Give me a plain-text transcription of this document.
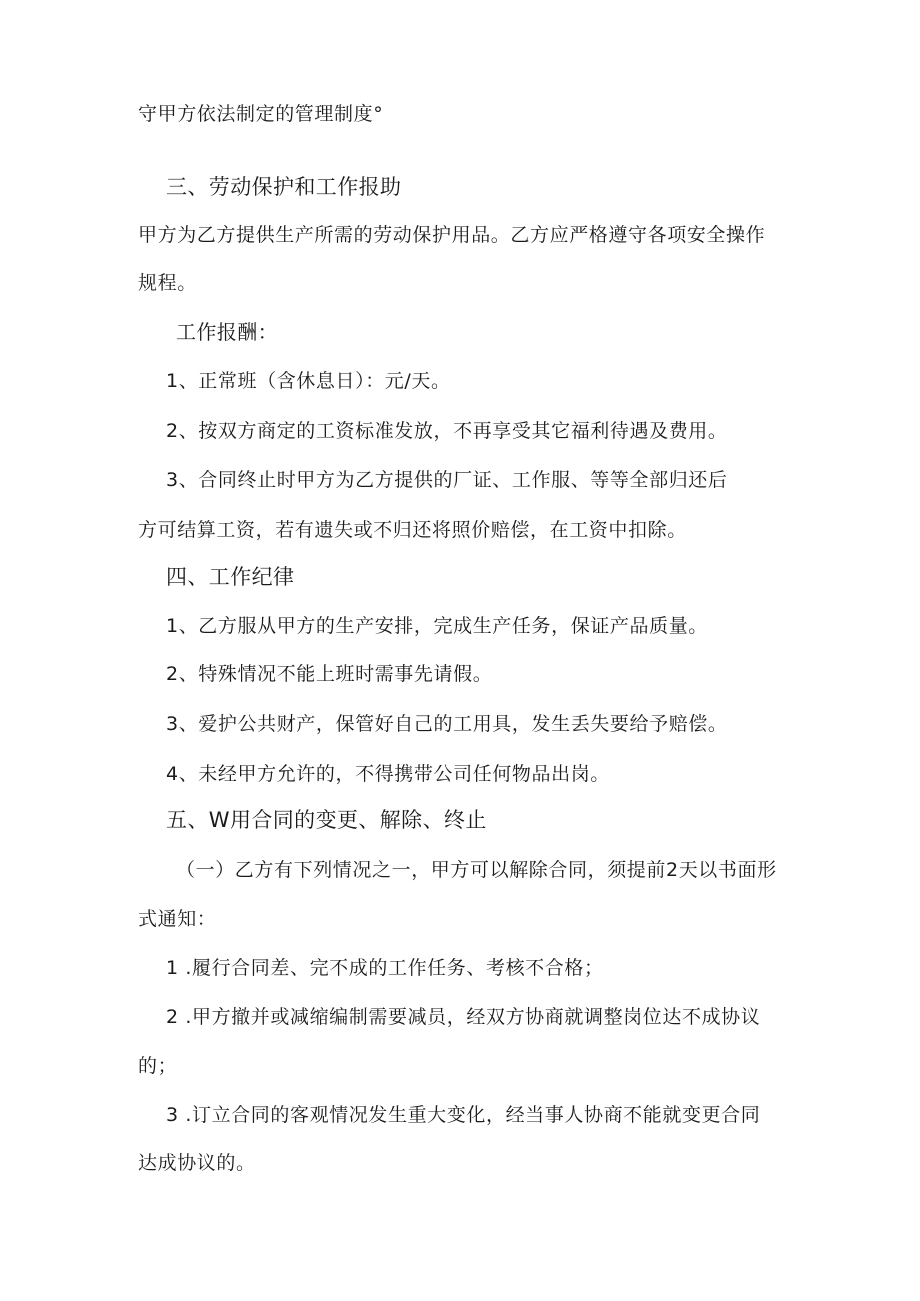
守甲方依法制定的管理制度°
三、劳动保护和工作报助
甲方为乙方提供生产所需的劳动保护用品。乙方应严格遵守各项安全操作
规程。
工作报酬：
1、正常班（含休息日）：元/天。
2、按双方商定的工资标准发放，不再享受其它福利待遇及费用。
3、合同终止时甲方为乙方提供的厂证、工作服、等等全部归还后
方可结算工资，若有遗失或不归还将照价赔偿，在工资中扣除。
四、工作纪律
1、乙方服从甲方的生产安排，完成生产任务，保证产品质量。
2、特殊情况不能上班时需事先请假。
3、爱护公共财产，保管好自己的工用具，发生丢失要给予赔偿。
4、未经甲方允许的，不得携带公司任何物品出岗。
五、W用合同的变更、解除、终止
（一）乙方有下列情况之一，甲方可以解除合同，须提前2天以书面形
式通知：
1 .履行合同差、完不成的工作任务、考核不合格；
2 .甲方撤并或减缩编制需要减员，经双方协商就调整岗位达不成协议
的；
3 .订立合同的客观情况发生重大变化，经当事人协商不能就变更合同
达成协议的。
